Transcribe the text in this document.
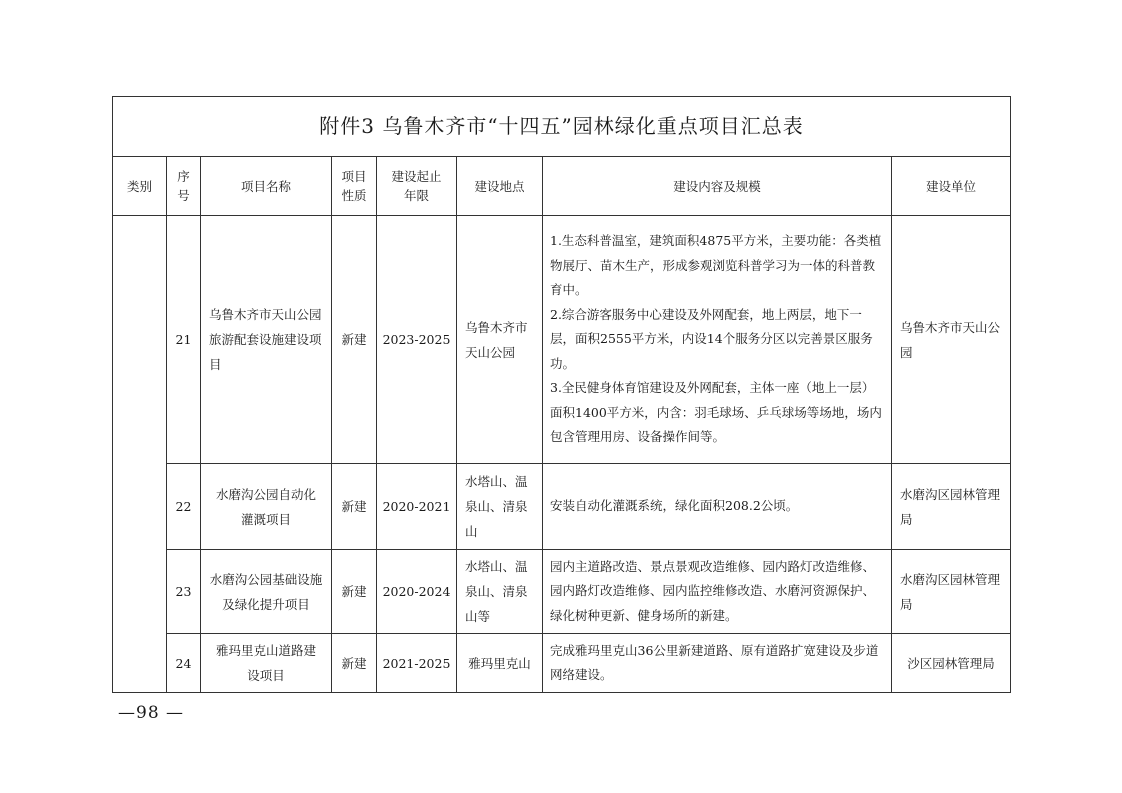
附件3 乌鲁木齐市“十四五”园林绿化重点项目汇总表							
类别	序号	项目名称	项目性质	建设起止年限	建设地点	建设内容及规模	建设单位
	21	乌鲁木齐市天山公园旅游配套设施建设项目	新建	2023-2025	乌鲁木齐市天山公园	1.生态科普温室，建筑面积4875平方米，主要功能：各类植物展厅、苗木生产，形成参观浏览科普学习为一体的科普教育中。

2.综合游客服务中心建设及外网配套，地上两层，地下一层，面积2555平方米，内设14个服务分区以完善景区服务功。

3.全民健身体育馆建设及外网配套，主体一座（地上一层）面积1400平方米，内含：羽毛球场、乒乓球场等场地，场内包含管理用房、设备操作间等。	乌鲁木齐市天山公园
	22	水磨沟公园自动化灌溉项目	新建	2020-2021	水塔山、温泉山、清泉山	安装自动化灌溉系统，绿化面积208.2公顷。	水磨沟区园林管理局
	23	水磨沟公园基础设施及绿化提升项目	新建	2020-2024	水塔山、温泉山、清泉山等	园内主道路改造、景点景观改造维修、园内路灯改造维修、园内路灯改造维修、园内监控维修改造、水磨河资源保护、绿化树种更新、健身场所的新建。	水磨沟区园林管理局
	24	雅玛里克山道路建设项目	新建	2021-2025	雅玛里克山	完成雅玛里克山36公里新建道路、原有道路扩宽建设及步道网络建设。	沙区园林管理局
—98 —
